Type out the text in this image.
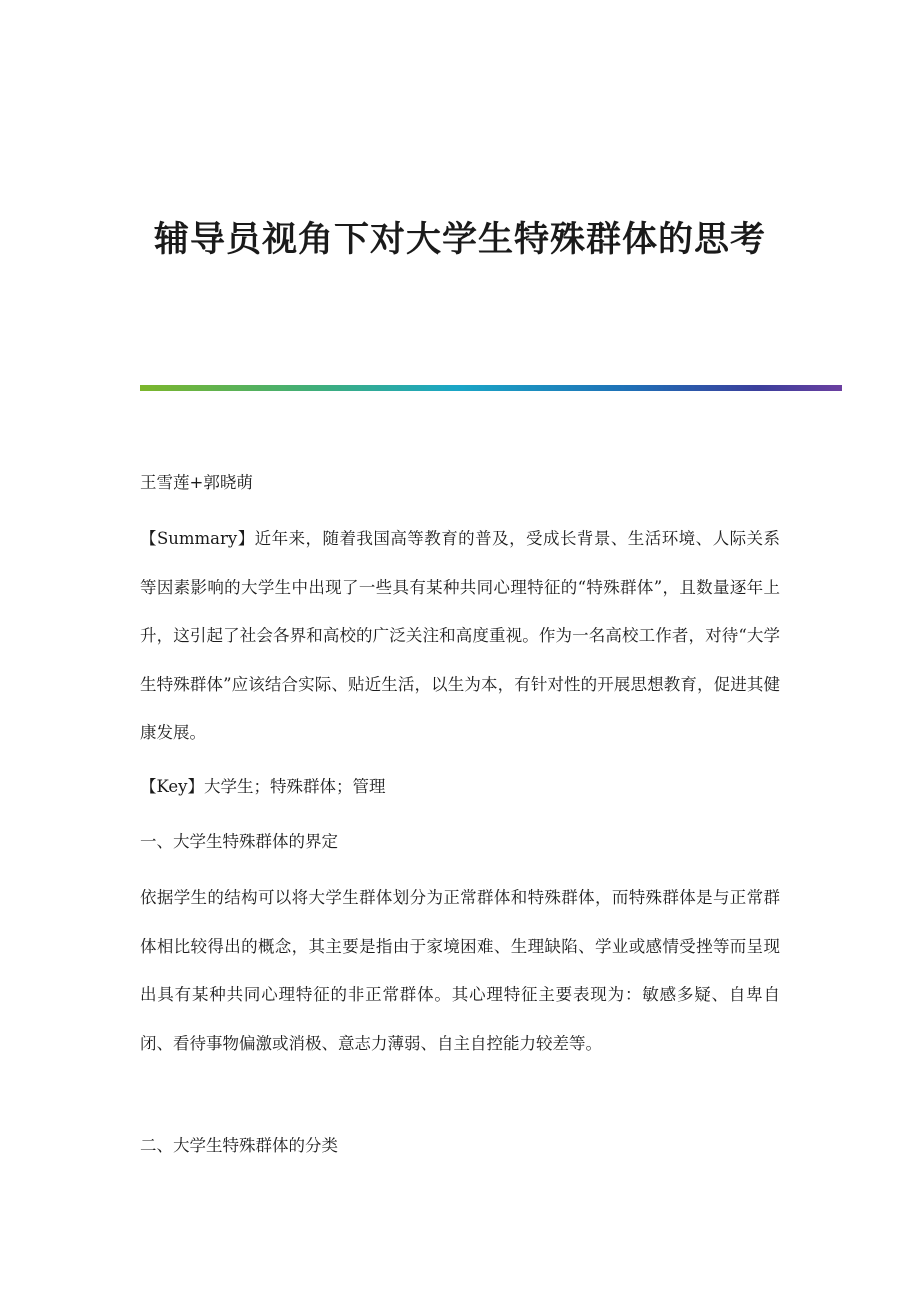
辅导员视角下对大学生特殊群体的思考

王雪莲+郭晓萌

【Summary】近年来，随着我国高等教育的普及，受成长背景、生活环境、人际关系等因素影响的大学生中出现了一些具有某种共同心理特征的“特殊群体”，且数量逐年上升，这引起了社会各界和高校的广泛关注和高度重视。作为一名高校工作者，对待“大学生特殊群体”应该结合实际、贴近生活，以生为本，有针对性的开展思想教育，促进其健康发展。

【Key】大学生；特殊群体；管理

一、大学生特殊群体的界定

依据学生的结构可以将大学生群体划分为正常群体和特殊群体，而特殊群体是与正常群体相比较得出的概念，其主要是指由于家境困难、生理缺陷、学业或感情受挫等而呈现出具有某种共同心理特征的非正常群体。其心理特征主要表现为：敏感多疑、自卑自闭、看待事物偏激或消极、意志力薄弱、自主自控能力较差等。

二、大学生特殊群体的分类
